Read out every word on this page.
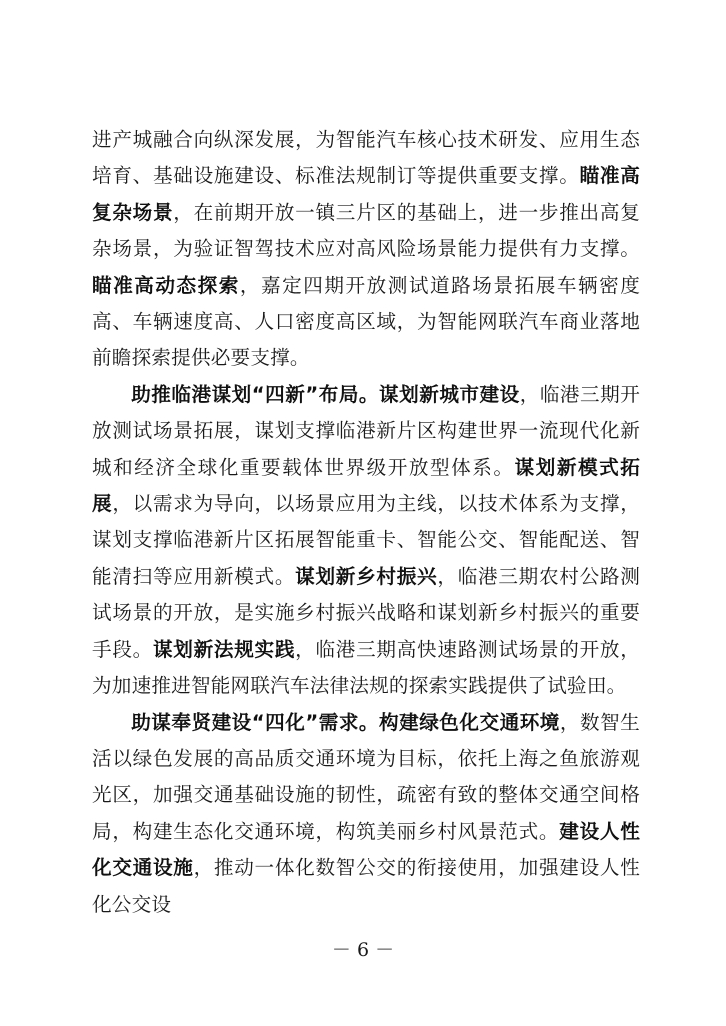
进产城融合向纵深发展，为智能汽车核心技术研发、应用生态培育、基础设施建设、标准法规制订等提供重要支撑。瞄准高复杂场景，在前期开放一镇三片区的基础上，进一步推出高复杂场景，为验证智驾技术应对高风险场景能力提供有力支撑。瞄准高动态探索，嘉定四期开放测试道路场景拓展车辆密度高、车辆速度高、人口密度高区域，为智能网联汽车商业落地前瞻探索提供必要支撑。

助推临港谋划“四新”布局。谋划新城市建设，临港三期开放测试场景拓展，谋划支撑临港新片区构建世界一流现代化新城和经济全球化重要载体世界级开放型体系。谋划新模式拓展，以需求为导向，以场景应用为主线，以技术体系为支撑，谋划支撑临港新片区拓展智能重卡、智能公交、智能配送、智能清扫等应用新模式。谋划新乡村振兴，临港三期农村公路测试场景的开放，是实施乡村振兴战略和谋划新乡村振兴的重要手段。谋划新法规实践，临港三期高快速路测试场景的开放，为加速推进智能网联汽车法律法规的探索实践提供了试验田。

助谋奉贤建设“四化”需求。构建绿色化交通环境，数智生活以绿色发展的高品质交通环境为目标，依托上海之鱼旅游观光区，加强交通基础设施的韧性，疏密有致的整体交通空间格局，构建生态化交通环境，构筑美丽乡村风景范式。建设人性化交通设施，推动一体化数智公交的衔接使用，加强建设人性化公交设

－ 6 －
